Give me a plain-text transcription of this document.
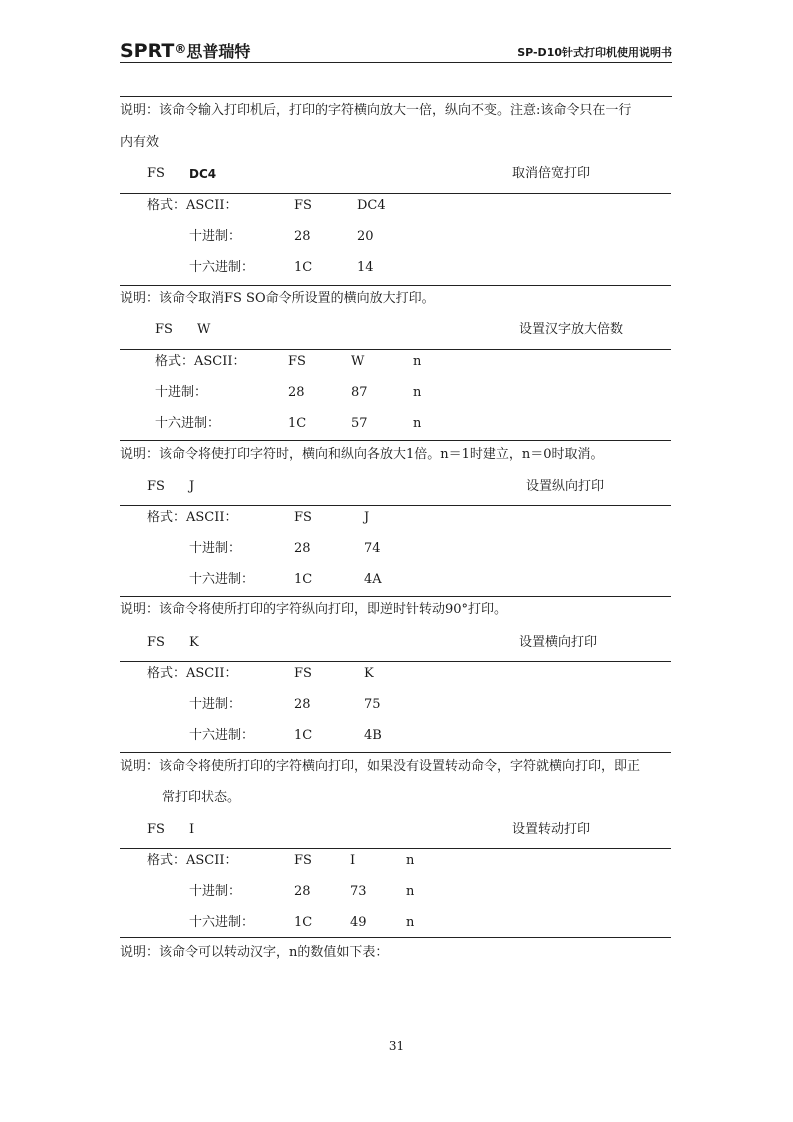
SPRT®思普瑞特	SP-D10针式打印机使用说明书
说明：该命令输入打印机后，打印的字符横向放大一倍，纵向不变。注意:该命令只在一行
内有效
FS DC4	取消倍宽打印
格式：ASCII：	FS	DC4
十进制：	28	20
十六进制：	1C	14
说明：该命令取消FS SO命令所设置的横向放大打印。
FS W	设置汉字放大倍数
格式：ASCII：	FS	W	n
十进制：	28	87	n
十六进制：	1C	57	n
说明：该命令将使打印字符时，横向和纵向各放大1倍。n＝1时建立，n＝0时取消。
FS J	设置纵向打印
格式：ASCII：	FS	J
十进制：	28	74
十六进制：	1C	4A
说明：该命令将使所打印的字符纵向打印，即逆时针转动90°打印。
FS K	设置横向打印
格式：ASCII：	FS	K
十进制：	28	75
十六进制：	1C	4B
说明：该命令将使所打印的字符横向打印，如果没有设置转动命令，字符就横向打印，即正
常打印状态。
FS I	设置转动打印
格式：ASCII：	FS	I	n
十进制：	28	73	n
十六进制：	1C	49	n
说明：该命令可以转动汉字，n的数值如下表：
31
